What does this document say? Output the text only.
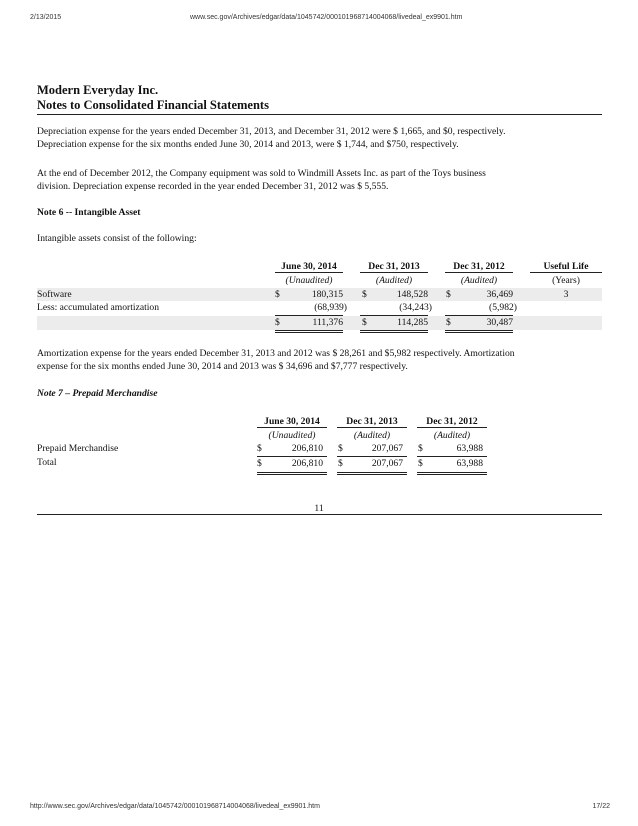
2/13/2015	www.sec.gov/Archives/edgar/data/1045742/000101968714004068/livedeal_ex9901.htm
http://www.sec.gov/Archives/edgar/data/1045742/000101968714004068/livedeal_ex9901.htm	17/22
Modern Everyday Inc.
Notes to Consolidated Financial Statements
Depreciation expense for the years ended December 31, 2013, and December 31, 2012 were $ 1,665, and $0, respectively.
Depreciation expense for the six months ended June 30, 2014 and 2013, were $ 1,744, and $750, respectively.
At the end of December 2012, the Company equipment was sold to Windmill Assets Inc. as part of the Toys business
division. Depreciation expense recorded in the year ended December 31, 2012 was $ 5,555.
Note 6 -- Intangible Asset
Intangible assets consist of the following:
June 30, 2014	Dec 31, 2013	Dec 31, 2012	Useful Life
(Unaudited)	(Audited)	(Audited)	(Years)
Software	$	180,315 $	148,528 $	36,469	3
Less: accumulated amortization	(68,939)	(34,243)	(5,982)
$	111,376 $	114,285 $	30,487
Amortization expense for the years ended December 31, 2013 and 2012 was $ 28,261 and $5,982 respectively. Amortization
expense for the six months ended June 30, 2014 and 2013 was $ 34,696 and $7,777 respectively.
Note 7 – Prepaid Merchandise
June 30, 2014	Dec 31, 2013	Dec 31, 2012
(Unaudited)	(Audited)	(Audited)
Prepaid Merchandise	$	206,810 $	207,067 $	63,988
Total	$	206,810 $	207,067 $	63,988
11
